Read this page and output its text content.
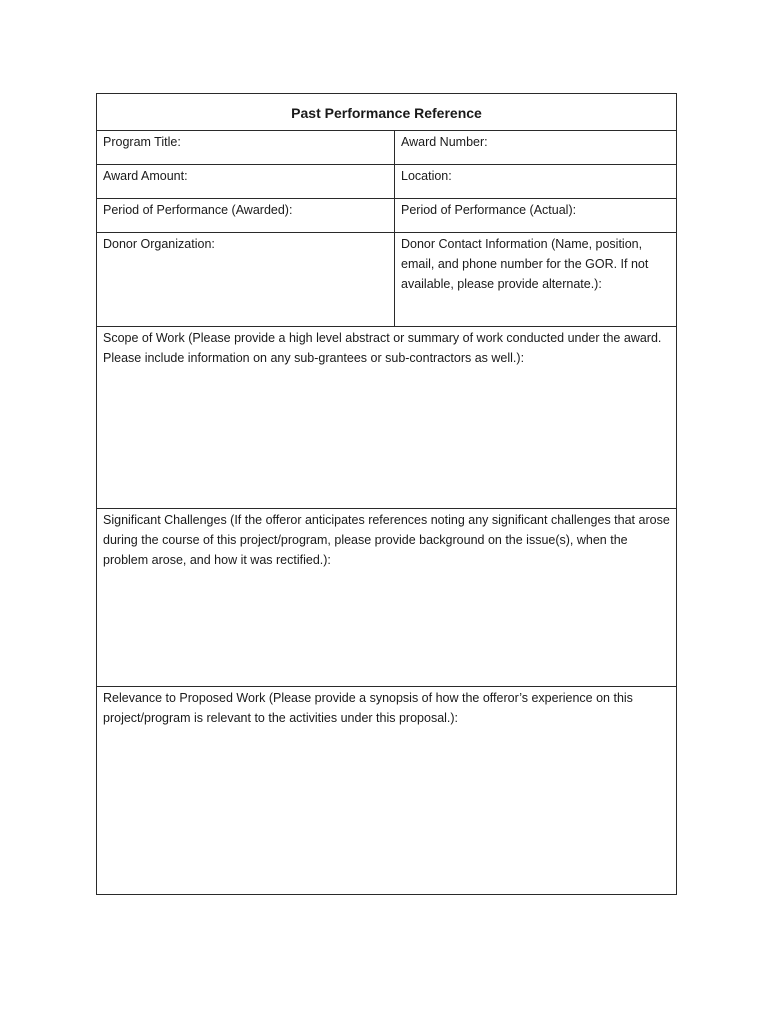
Past Performance Reference	
Program Title:	Award Number:
Award Amount:	Location:
Period of Performance (Awarded):	Period of Performance (Actual):
Donor Organization:	Donor Contact Information (Name, position, email, and phone number for the GOR. If not available, please provide alternate.):
Scope of Work (Please provide a high level abstract or summary of work conducted under the award. Please include information on any sub-grantees or sub-contractors as well.):	
Significant Challenges (If the offeror anticipates references noting any significant challenges that arose during the course of this project/program, please provide background on the issue(s), when the problem arose, and how it was rectified.):	
Relevance to Proposed Work (Please provide a synopsis of how the offeror’s experience on this project/program is relevant to the activities under this proposal.):	
